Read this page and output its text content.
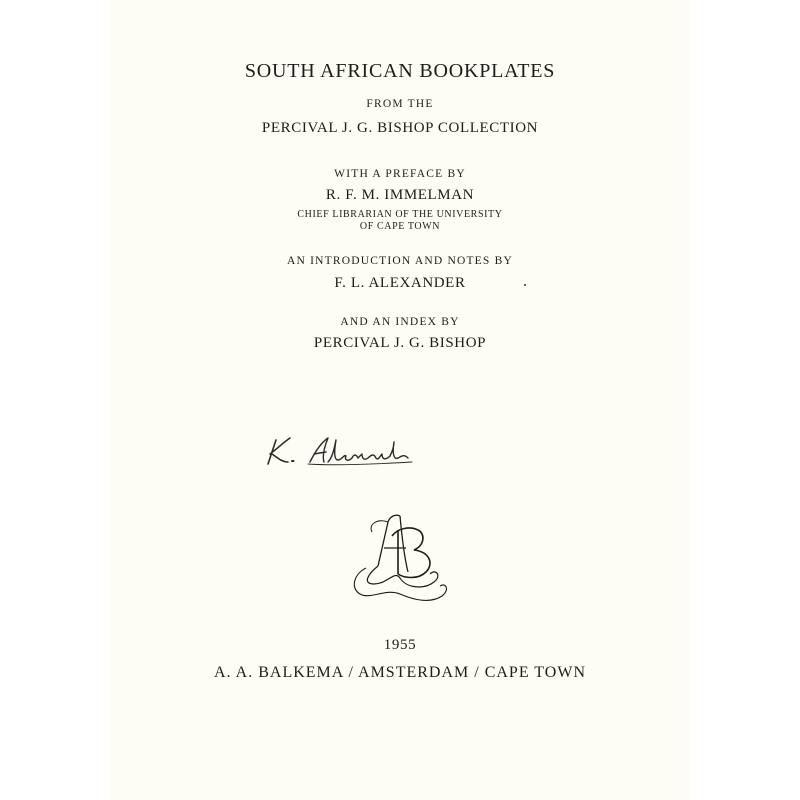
SOUTH AFRICAN BOOKPLATES
FROM THE
PERCIVAL J. G. BISHOP COLLECTION
WITH A PREFACE BY
R. F. M. IMMELMAN
CHIEF LIBRARIAN OF THE UNIVERSITY
OF CAPE TOWN
AN INTRODUCTION AND NOTES BY
F. L. ALEXANDER
AND AN INDEX BY
PERCIVAL J. G. BISHOP
1955
A. A. BALKEMA / AMSTERDAM / CAPE TOWN
